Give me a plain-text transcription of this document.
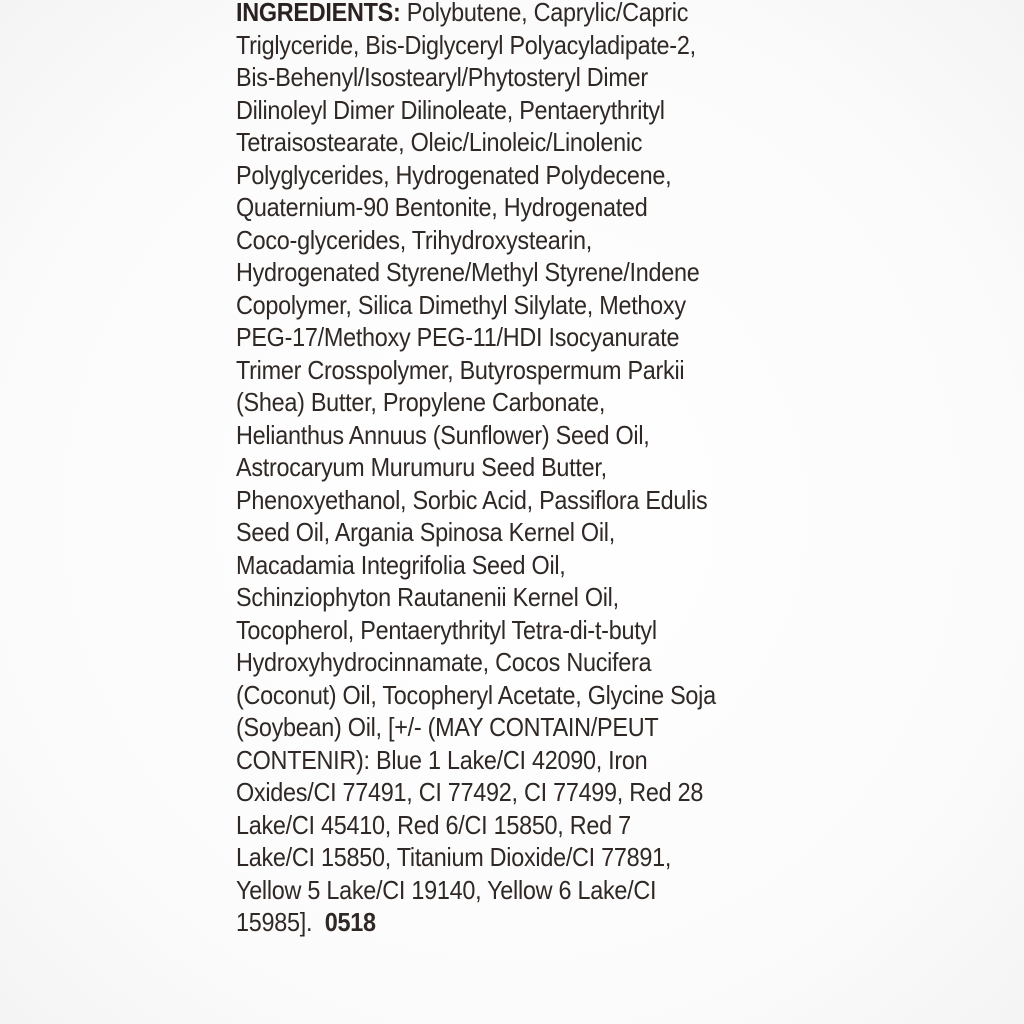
INGREDIENTS: Polybutene, Caprylic/Capric
Triglyceride, Bis-Diglyceryl Polyacyladipate-2,
Bis-Behenyl/Isostearyl/Phytosteryl Dimer
Dilinoleyl Dimer Dilinoleate, Pentaerythrityl
Tetraisostearate, Oleic/Linoleic/Linolenic
Polyglycerides, Hydrogenated Polydecene,
Quaternium-90 Bentonite, Hydrogenated
Coco-glycerides, Trihydroxystearin,
Hydrogenated Styrene/Methyl Styrene/Indene
Copolymer, Silica Dimethyl Silylate, Methoxy
PEG-17/Methoxy PEG-11/HDI Isocyanurate
Trimer Crosspolymer, Butyrospermum Parkii
(Shea) Butter, Propylene Carbonate,
Helianthus Annuus (Sunflower) Seed Oil,
Astrocaryum Murumuru Seed Butter,
Phenoxyethanol, Sorbic Acid, Passiflora Edulis
Seed Oil, Argania Spinosa Kernel Oil,
Macadamia Integrifolia Seed Oil,
Schinziophyton Rautanenii Kernel Oil,
Tocopherol, Pentaerythrityl Tetra-di-t-butyl
Hydroxyhydrocinnamate, Cocos Nucifera
(Coconut) Oil, Tocopheryl Acetate, Glycine Soja
(Soybean) Oil, [+/- (MAY CONTAIN/PEUT
CONTENIR): Blue 1 Lake/CI 42090, Iron
Oxides/CI 77491, CI 77492, CI 77499, Red 28
Lake/CI 45410, Red 6/CI 15850, Red 7
Lake/CI 15850, Titanium Dioxide/CI 77891,
Yellow 5 Lake/CI 19140, Yellow 6 Lake/CI
15985]. 0518
